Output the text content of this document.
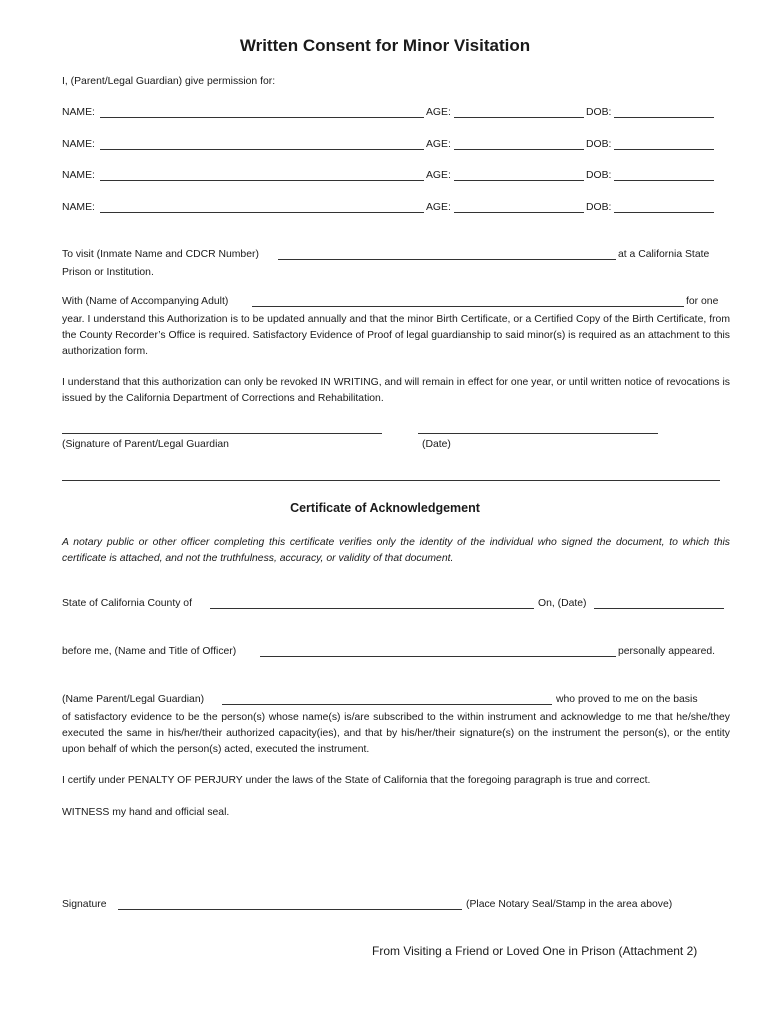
Written Consent for Minor Visitation
I, (Parent/Legal Guardian) give permission for:
NAME:	AGE:	DOB:
NAME:	AGE:	DOB:
NAME:	AGE:	DOB:
NAME:	AGE:	DOB:
To visit (Inmate Name and CDCR Number)	at a California State
Prison or Institution.
With (Name of Accompanying Adult)	for one
year. I understand this Authorization is to be updated annually and that the minor Birth Certificate, or a Certified Copy of the Birth Certificate, from the County Recorder’s Office is required. Satisfactory Evidence of Proof of legal guardianship to said minor(s) is required as an attachment to this authorization form.
I understand that this authorization can only be revoked IN WRITING, and will remain in effect for one year, or until written notice of revocations is issued by the California Department of Corrections and Rehabilitation.
(Signature of Parent/Legal Guardian	(Date)
Certificate of Acknowledgement
A notary public or other officer completing this certificate verifies only the identity of the individual who signed the document, to which this certificate is attached, and not the truthfulness, accuracy, or validity of that document.
State of California County of	On, (Date)
before me, (Name and Title of Officer)	personally appeared.
(Name Parent/Legal Guardian)	who proved to me on the basis
of satisfactory evidence to be the person(s) whose name(s) is/are subscribed to the within instrument and acknowledge to me that he/she/they executed the same in his/her/their authorized capacity(ies), and that by his/her/their signature(s) on the instrument the person(s), or the entity upon behalf of which the person(s) acted, executed the instrument.
I certify under PENALTY OF PERJURY under the laws of the State of California that the foregoing paragraph is true and correct.
WITNESS my hand and official seal.
Signature	(Place Notary Seal/Stamp in the area above)
From Visiting a Friend or Loved One in Prison (Attachment 2)
